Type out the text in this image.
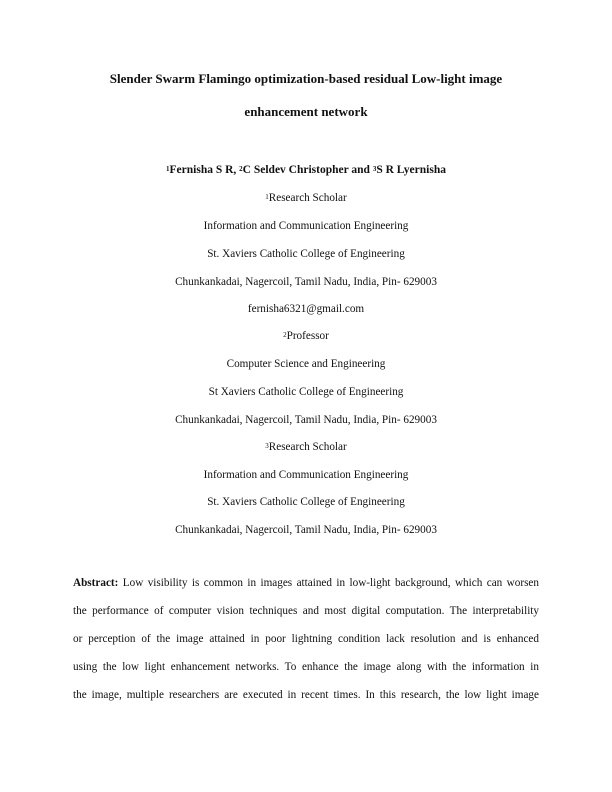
Slender Swarm Flamingo optimization-based residual Low-light image
enhancement network
$^1$Fernisha S R, $^2$C Seldev Christopher and $^3$S R Lyernisha
$^1$Research Scholar
Information and Communication Engineering
St. Xaviers Catholic College of Engineering
Chunkankadai, Nagercoil, Tamil Nadu, India, Pin- 629003
fernisha6321@gmail.com
$^2$Professor
Computer Science and Engineering
St Xaviers Catholic College of Engineering
Chunkankadai, Nagercoil, Tamil Nadu, India, Pin- 629003
$^3$Research Scholar
Information and Communication Engineering
St. Xaviers Catholic College of Engineering
Chunkankadai, Nagercoil, Tamil Nadu, India, Pin- 629003
Abstract: Low visibility is common in images attained in low-light background, which can worsen
the performance of computer vision techniques and most digital computation. The interpretability
or perception of the image attained in poor lightning condition lack resolution and is enhanced
using the low light enhancement networks. To enhance the image along with the information in
the image, multiple researchers are executed in recent times. In this research, the low light image
